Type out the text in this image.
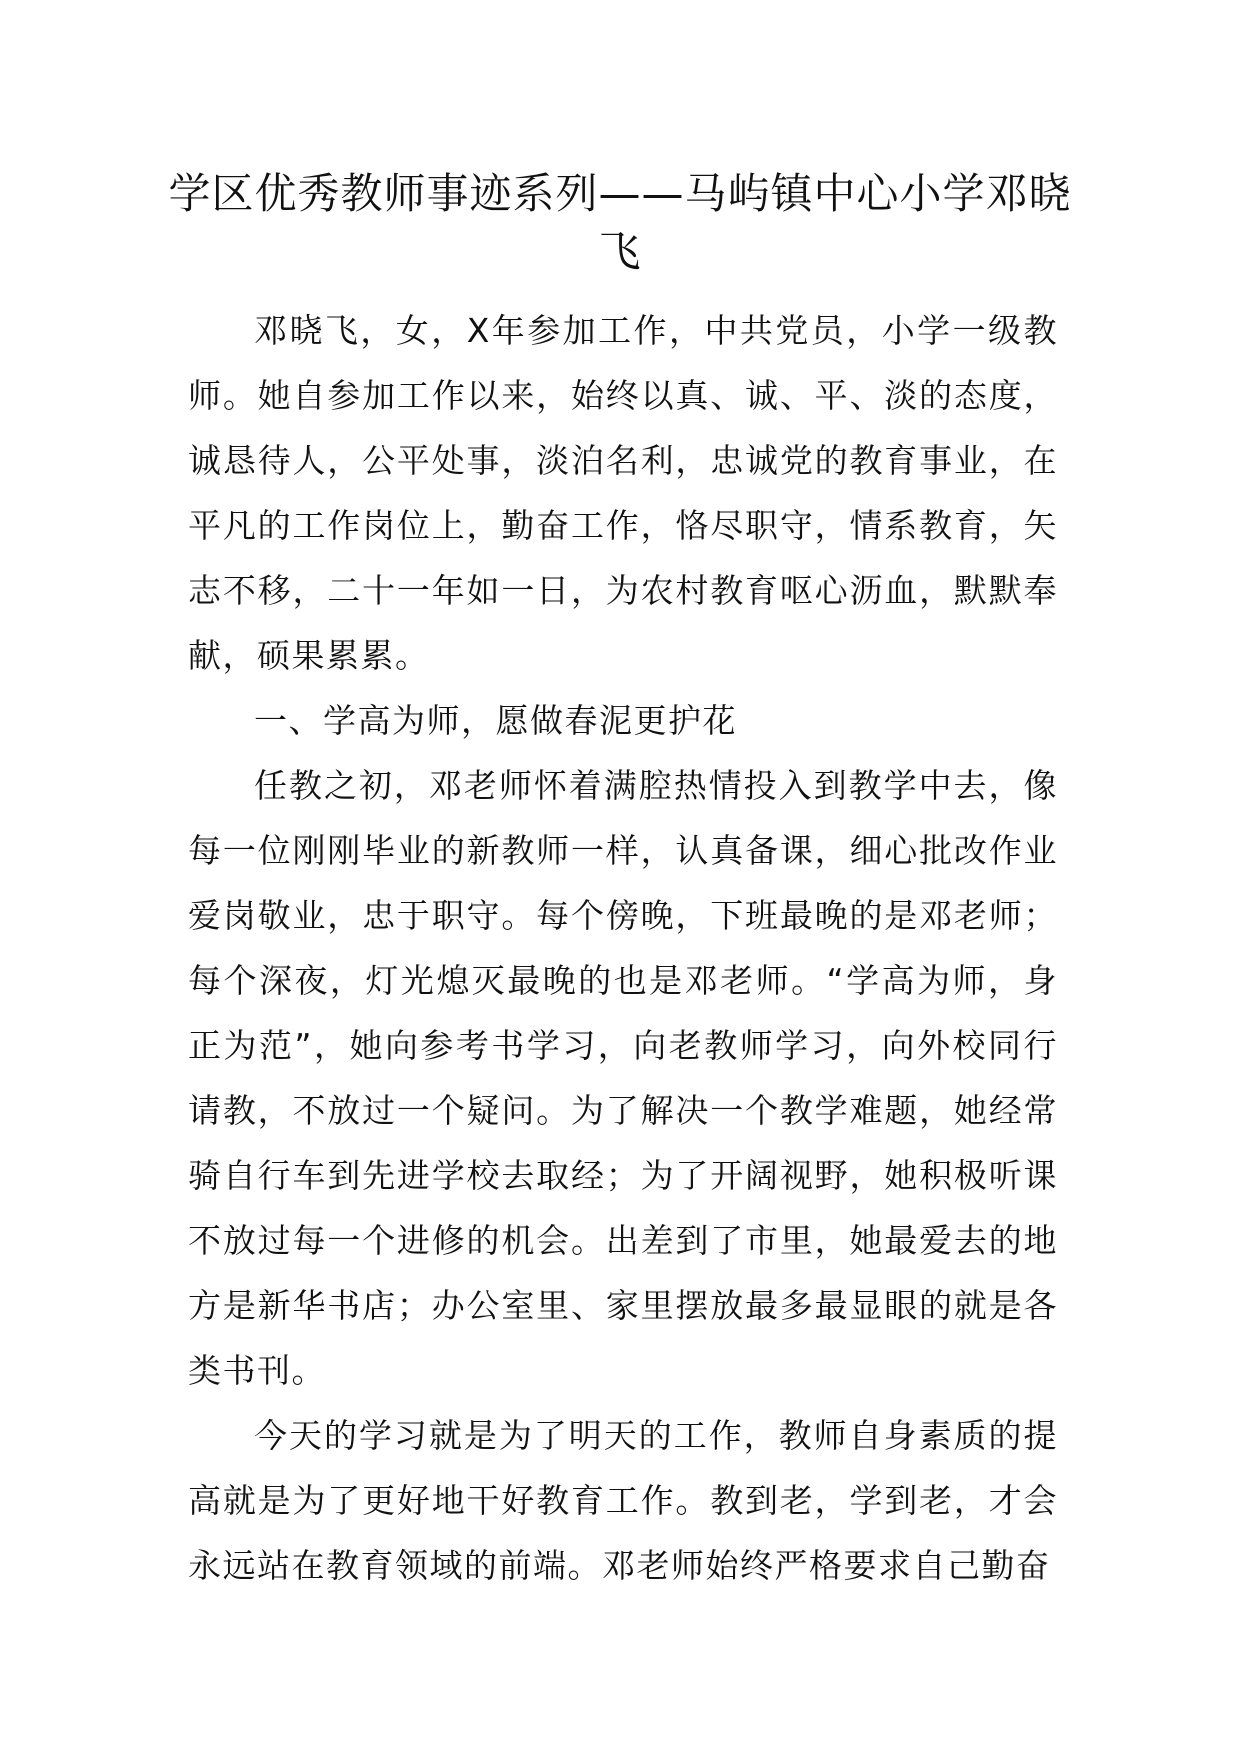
学区优秀教师事迹系列——马屿镇中心小学邓晓飞

邓晓飞，女，X年参加工作，中共党员，小学一级教师。她自参加工作以来，始终以真、诚、平、淡的态度，诚恳待人，公平处事，淡泊名利，忠诚党的教育事业，在平凡的工作岗位上，勤奋工作，恪尽职守，情系教育，矢志不移，二十一年如一日，为农村教育呕心沥血，默默奉献，硕果累累。

一、学高为师，愿做春泥更护花

任教之初，邓老师怀着满腔热情投入到教学中去，像每一位刚刚毕业的新教师一样，认真备课，细心批改作业爱岗敬业，忠于职守。每个傍晚，下班最晚的是邓老师；每个深夜，灯光熄灭最晚的也是邓老师。“学高为师，身正为范”，她向参考书学习，向老教师学习，向外校同行请教，不放过一个疑问。为了解决一个教学难题，她经常骑自行车到先进学校去取经；为了开阔视野，她积极听课不放过每一个进修的机会。出差到了市里，她最爱去的地方是新华书店；办公室里、家里摆放最多最显眼的就是各类书刊。

今天的学习就是为了明天的工作，教师自身素质的提高就是为了更好地干好教育工作。教到老，学到老，才会永远站在教育领域的前端。邓老师始终严格要求自己勤奋
